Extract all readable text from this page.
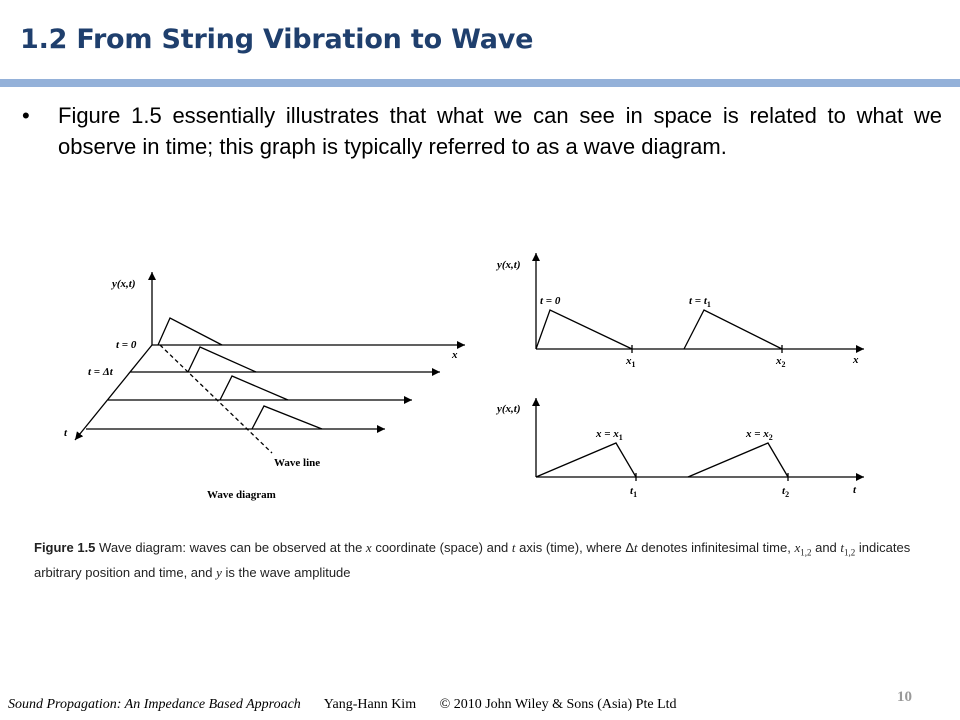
1.2 From String Vibration to Wave
• Figure 1.5 essentially illustrates that what we can see in space is related to what we observe in time; this graph is typically referred to as a wave diagram.
y(x,t)
t = 0
t = Δt
x
t
Wave line
Wave diagram
y(x,t)
t = 0	$t = t_1$
$x_1$	$x_2$	x
y(x,t)
$x = x_1$	$x = x_2$
$t_1$	$t_2$	t
Figure 1.5 Wave diagram: waves can be observed at the x coordinate (space) and t axis (time), where Δt denotes infinitesimal time, $x_{1,2}$ and $t_{1,2}$ indicates arbitrary position and time, and y is the wave amplitude
Sound Propagation: An Impedance Based Approach Yang-Hann Kim © 2010 John Wiley & Sons (Asia) Pte Ltd	10
